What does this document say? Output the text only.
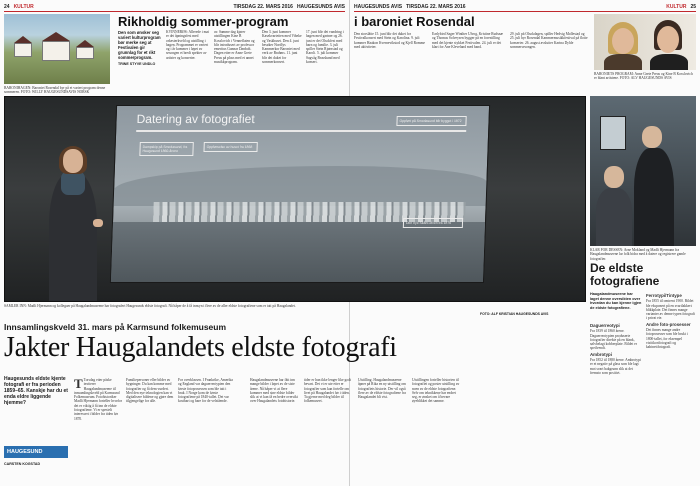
24 KULTUR	TIRSDAG 22. MARS 2016 HAUGESUNDS AVIS
BARONIHAGEN: Baroniet Rosendal byr på et variert program denne sommeren. FOTO: WILLY HAUGESUNDSAVIS NORSK
Rikholdig sommer-program
Den som ønsker seg variert kulturprogram bør merke seg at Festivalen gir grunnlag for et rikt sommerprogram.
TRINE STYVE UNDLO
KVINNERØS: Allerede i mai er det åpningsfest med orkesterkveld og utstilling i hagen. Programmet er variert og i år kommer i løpet av sesongen et bredt spekter av artister og konserter.
av. Samme dag kjører utstillingen Kine B Kosslovich i Venneflaten og blir introdusert av professor emeritus Gunnar Danbolt. Dagen etter er Anne Grete Preus på plass med et annet musikkprogram.
Den 3. juni kommer Kasekvartetten med Vibeke og Vaskhuset. Den 4. juni besøker Nordlys Kammerkor Baroniet med verk av Brahms. 11. juni blir det duket for sommerkonsert.
17. juni blir det vandring i hagen med gartner og 26. juni er det Olsokfest med barn og familie. 3. juli spiller Stein Rjørnstad og Karoli. 5. juli kommer Sagvåg Brassband med konsert.
HAUGESUNDS AVIS TIRSDAG 22. MARS 2016	KULTUR 25
i baroniet Rosendal
Den storslåtte 15. juni blir det duket for Festivalkonsert med Stein og Karolina. 9. juli kommer Haakon Kvernevikstod og Kjell Romme med aktiviteter.
Earlybird Sager Winther Ulvog, Kristine Rudsnæ og Thomas Solveysen bygger på en forestilling med det kjente stykket Festivalen. 24. juli er det klart for Ane Kleveland med band.
29. juli på Olsokdagen, spiller Hedvig Mollestad og 25. juli byr Rosendal Kammermusikkfestival på flotte konserter. 26. august avslutter Karina Dyhle sommersesongen.
BARONIETS PROGRAM: Anne Grete Preus og Kine B Kosslovich er blant artistene. FOTO: ALV HAUGESUNDS AVIS
KLAR FOR DESSEN: Arne Mokland og Madli Hjermann fra Haugalandmuseene lar folk bidra med å datere og registrere gamle fotografier.
De eldste fotografiene
Haugalandmuseene har laget denne oversikten over hvordan du kan kjenne igjen de eldste fotografiene.
Daguerreotypi
Fra 1839 til 1860 årene. Daguerreotypien produserte fotografier direkte på en blank, sølvbelagt kobberplate. Bildet er speilvendt.
Ambrotypi
Fra 1852 til 1880 årene. Ambrotypi er et negativ på glass som ble lagt mot svart bakgrunn slik at det fremsto som positivt.
Ferrotypi/Tintype
Fra 1855 til omtrent 1900. Bildet ble eksponert på en svartlakkert blikkplate. Det finnes mange varianter av denne typen fotografi i privat eie.
Andre foto-prosesser
Det finnes mange andre fotoprosesser som ble brukt i 1800-tallet, for eksempel visittkortfotografi og kabinettfotografi.
Datering av fotografiet
Dampskip på Smedasund, fra Haugesund 1860-årene
Oppførselse av huset fra 1868
Oppført på Smedasund blir bygget i 1872
Den nye Skåre-elven fra 1870
SAMLER INN: Madli Hjermann og kollegaer på Haugalandmuseene har fotografert Haugesunds eldste fotografi. Nå håper de å få innsyn i flere av de aller eldste fotografiene som er tatt på Haugalandet.
FOTO: ALF KRISTIAN HAUGESUNDS AVIS
Innsamlingskveld 31. mars på Karmsund folkemuseum
Jakter Haugalandets eldste fotografi
Haugesunds eldste kjente fotografi er fra perioden 1859–65. Kanskje har du et enda eldre liggende hjemme?
HAUGESUND
CARSTEN KOGSTAD
T Torsdag etter påske inviterer Haugalandmuseene til innsamlingskveld på Karmsund Folkemuseum. Fotohistoriker Madli Hjermann forteller hvorfor det er viktig å få inn de eldste fotografiene. Vi er spesielt interessert i bilder fra tiden før 1870.
Familiepersoner eller bilder av bygninger. Du kan komme med fotografier og få dem vurdert. Med den nye teknologien kan vi digitalisere bildene og gjøre dem tilgjengelige for alle.
For overklassen. I Frankrike, Amerika og England var daguerreotypien den første fotoprosessen som ble tatt i bruk. I Norge kom de første fotografiene på 1840-tallet. Det var kostbart og bare for de velstående.
Haugalandmuseene har fått inn mange bilder i løpet av de siste årene. Nå håper vi at flere kommer med sine eldste bilder slik at vi kan få en bedre oversikt over Haugalandets fotohistorie.
tider er han ikke lenger like godt bevart. Det vi er ute etter er fotografier som kan fortelle om livet på Haugalandet før i tiden. Ta gjerne med deg bilder til folkemuseet.
Utstilling. Haugalandmuseene åpner på Rika en ny utstilling om fotografiets historie. Der vil også flere av de eldste fotografiene fra Haugalandet bli vist.
Utstillingen forteller historien til fotografiet og poster utstilling av noen av de eldste fotografiene. Selv om teknikkene har endret seg, er ønsket om å bevare øyeblikket det samme.
